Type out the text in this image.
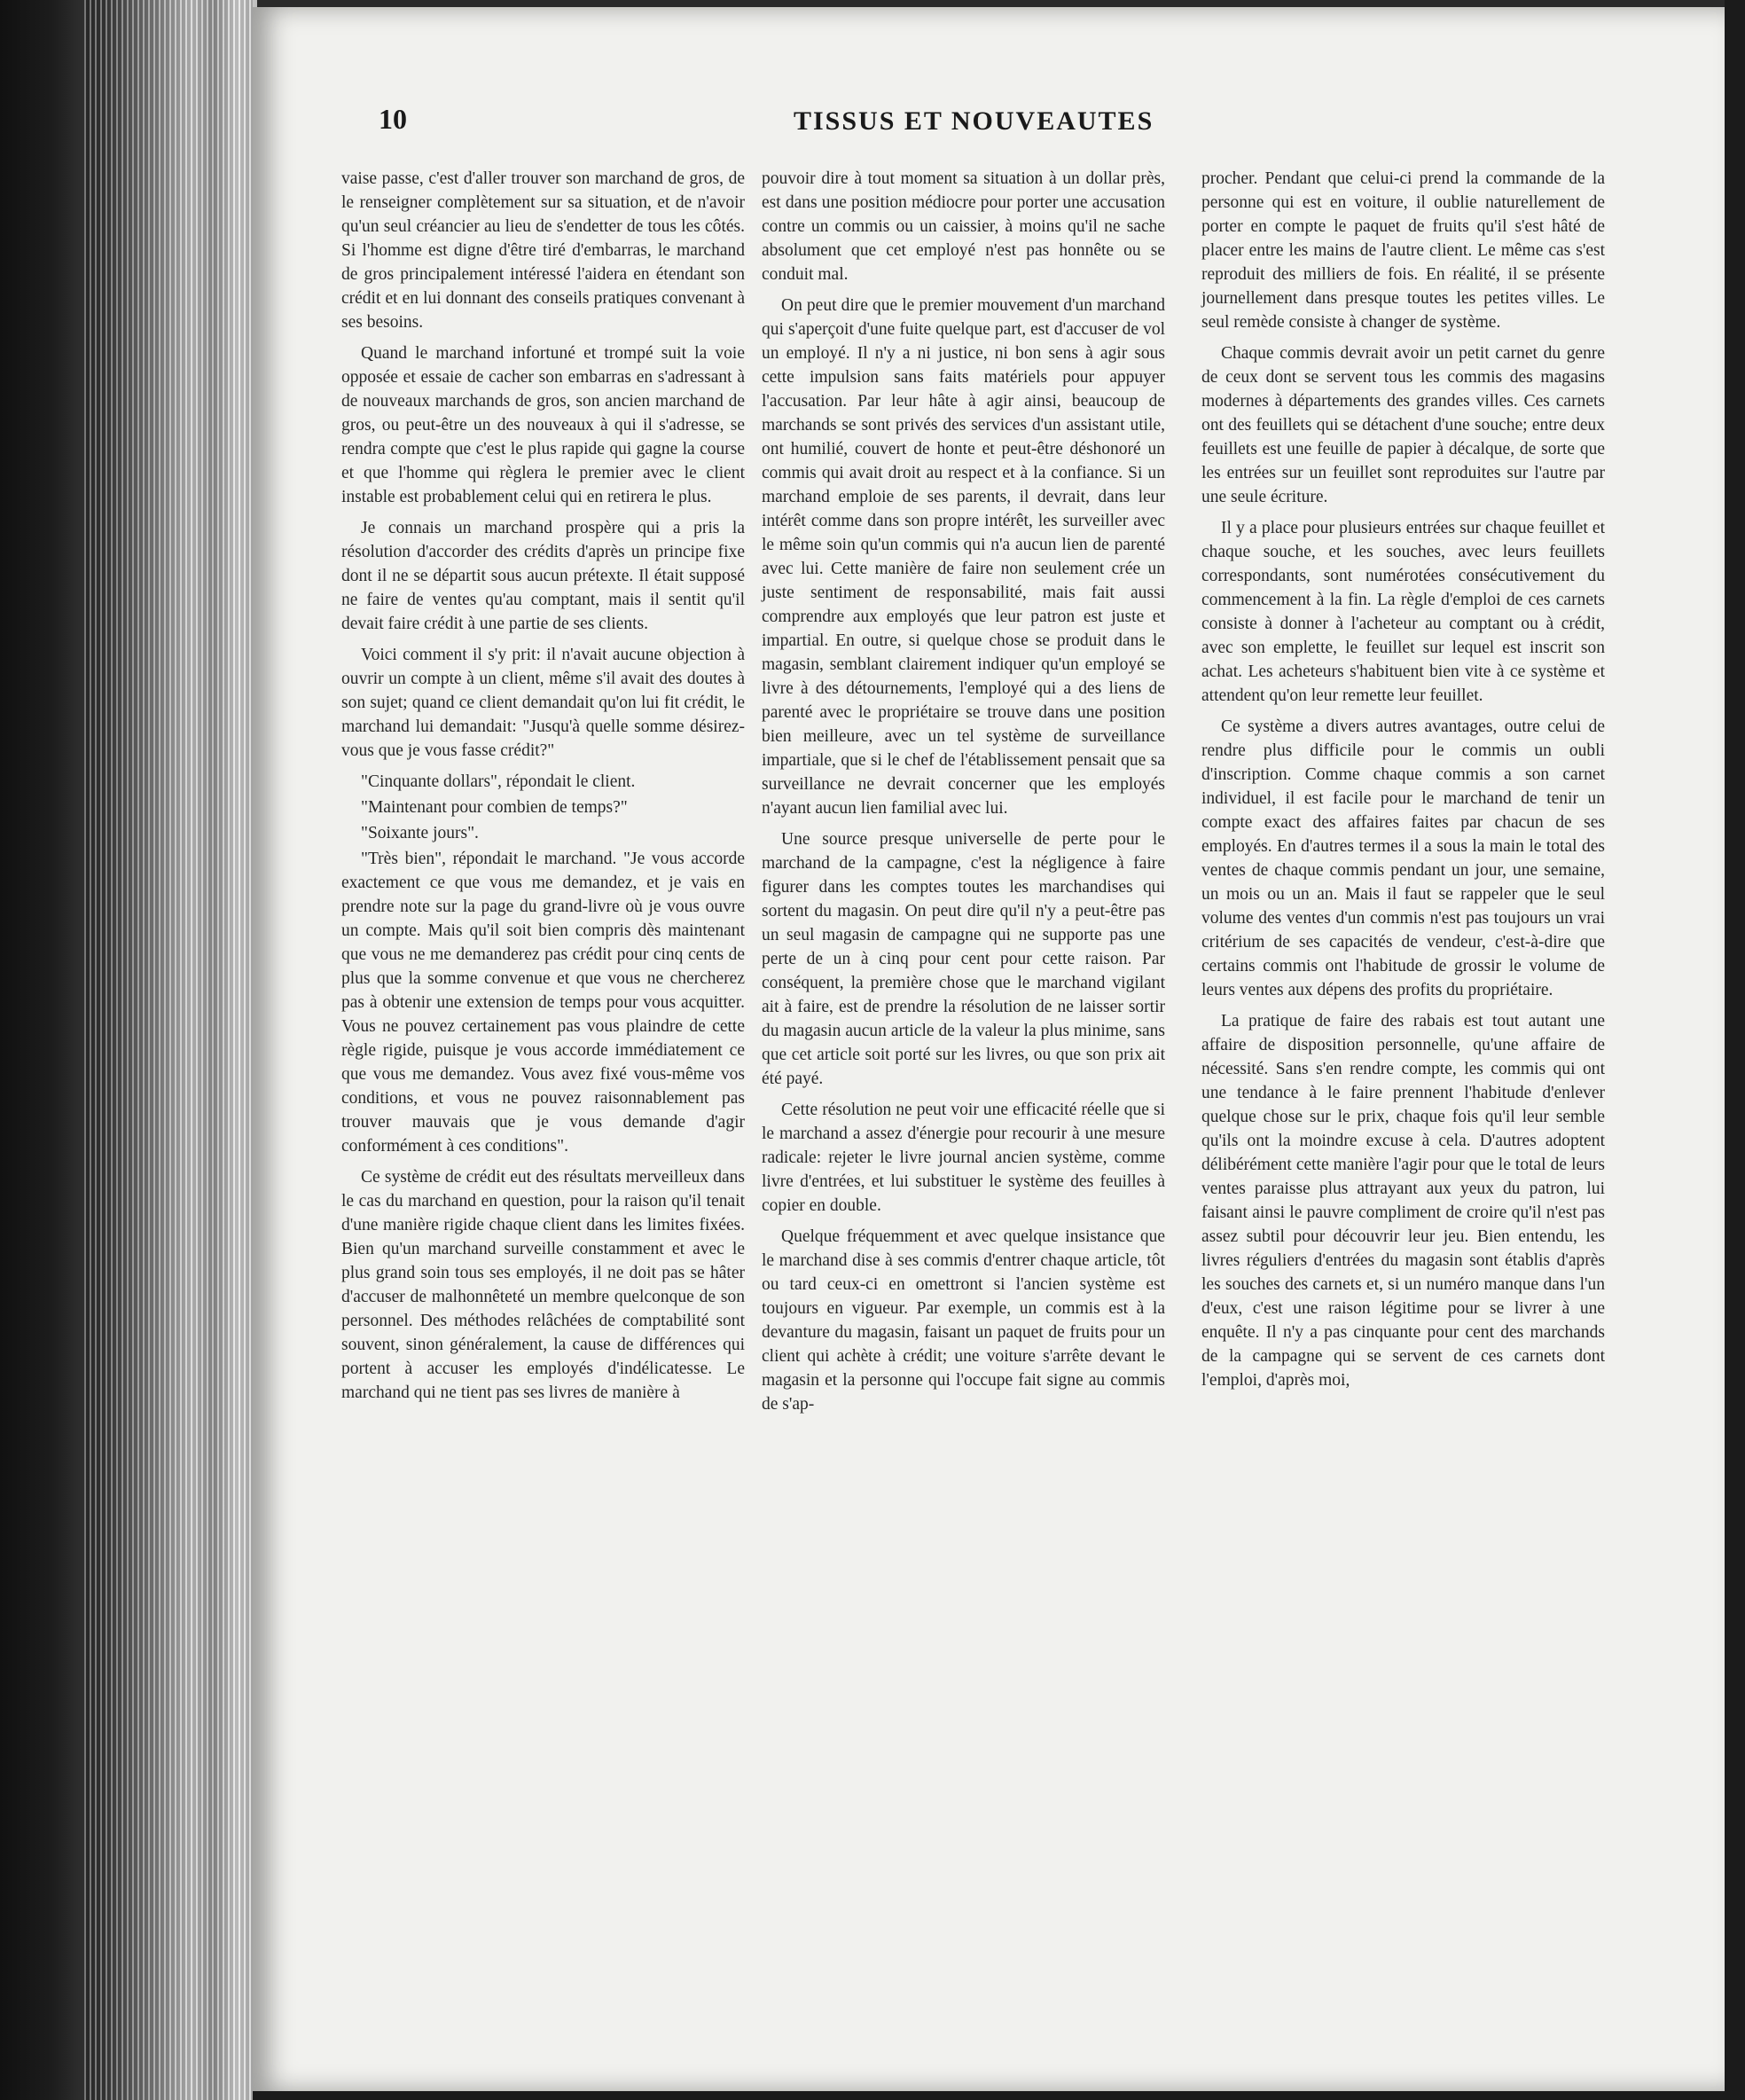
10	TISSUS ET NOUVEAUTES

vaise passe, c'est d'aller trouver son marchand de gros, de le renseigner complètement sur sa situation, et de n'avoir qu'un seul créancier au lieu de s'endetter de tous les côtés. Si l'homme est digne d'être tiré d'embarras, le marchand de gros principalement intéressé l'aidera en étendant son crédit et en lui donnant des conseils pratiques convenant à ses besoins.

Quand le marchand infortuné et trompé suit la voie opposée et essaie de cacher son embarras en s'adressant à de nouveaux marchands de gros, son ancien marchand de gros, ou peut-être un des nouveaux à qui il s'adresse, se rendra compte que c'est le plus rapide qui gagne la course et que l'homme qui règlera le premier avec le client instable est probablement celui qui en retirera le plus.

Je connais un marchand prospère qui a pris la résolution d'accorder des crédits d'après un principe fixe dont il ne se départit sous aucun prétexte. Il était supposé ne faire de ventes qu'au comptant, mais il sentit qu'il devait faire crédit à une partie de ses clients.

Voici comment il s'y prit: il n'avait aucune objection à ouvrir un compte à un client, même s'il avait des doutes à son sujet; quand ce client demandait qu'on lui fit crédit, le marchand lui demandait: "Jusqu'à quelle somme désirez-vous que je vous fasse crédit?"

"Cinquante dollars", répondait le client.

"Maintenant pour combien de temps?"

"Soixante jours".

"Très bien", répondait le marchand. "Je vous accorde exactement ce que vous me demandez, et je vais en prendre note sur la page du grand-livre où je vous ouvre un compte. Mais qu'il soit bien compris dès maintenant que vous ne me demanderez pas crédit pour cinq cents de plus que la somme convenue et que vous ne chercherez pas à obtenir une extension de temps pour vous acquitter. Vous ne pouvez certainement pas vous plaindre de cette règle rigide, puisque je vous accorde immédiatement ce que vous me demandez. Vous avez fixé vous-même vos conditions, et vous ne pouvez raisonnablement pas trouver mauvais que je vous demande d'agir conformément à ces conditions".

Ce système de crédit eut des résultats merveilleux dans le cas du marchand en question, pour la raison qu'il tenait d'une manière rigide chaque client dans les limites fixées. Bien qu'un marchand surveille constamment et avec le plus grand soin tous ses employés, il ne doit pas se hâter d'accuser de malhonnêteté un membre quelconque de son personnel. Des méthodes relâchées de comptabilité sont souvent, sinon généralement, la cause de différences qui portent à accuser les employés d'indélicatesse. Le marchand qui ne tient pas ses livres de manière à

pouvoir dire à tout moment sa situation à un dollar près, est dans une position médiocre pour porter une accusation contre un commis ou un caissier, à moins qu'il ne sache absolument que cet employé n'est pas honnête ou se conduit mal.

On peut dire que le premier mouvement d'un marchand qui s'aperçoit d'une fuite quelque part, est d'accuser de vol un employé. Il n'y a ni justice, ni bon sens à agir sous cette impulsion sans faits matériels pour appuyer l'accusation. Par leur hâte à agir ainsi, beaucoup de marchands se sont privés des services d'un assistant utile, ont humilié, couvert de honte et peut-être déshonoré un commis qui avait droit au respect et à la confiance. Si un marchand emploie de ses parents, il devrait, dans leur intérêt comme dans son propre intérêt, les surveiller avec le même soin qu'un commis qui n'a aucun lien de parenté avec lui. Cette manière de faire non seulement crée un juste sentiment de responsabilité, mais fait aussi comprendre aux employés que leur patron est juste et impartial. En outre, si quelque chose se produit dans le magasin, semblant clairement indiquer qu'un employé se livre à des détournements, l'employé qui a des liens de parenté avec le propriétaire se trouve dans une position bien meilleure, avec un tel système de surveillance impartiale, que si le chef de l'établissement pensait que sa surveillance ne devrait concerner que les employés n'ayant aucun lien familial avec lui.

Une source presque universelle de perte pour le marchand de la campagne, c'est la négligence à faire figurer dans les comptes toutes les marchandises qui sortent du magasin. On peut dire qu'il n'y a peut-être pas un seul magasin de campagne qui ne supporte pas une perte de un à cinq pour cent pour cette raison. Par conséquent, la première chose que le marchand vigilant ait à faire, est de prendre la résolution de ne laisser sortir du magasin aucun article de la valeur la plus minime, sans que cet article soit porté sur les livres, ou que son prix ait été payé.

Cette résolution ne peut voir une efficacité réelle que si le marchand a assez d'énergie pour recourir à une mesure radicale: rejeter le livre journal ancien système, comme livre d'entrées, et lui substituer le système des feuilles à copier en double.

Quelque fréquemment et avec quelque insistance que le marchand dise à ses commis d'entrer chaque article, tôt ou tard ceux-ci en omettront si l'ancien système est toujours en vigueur. Par exemple, un commis est à la devanture du magasin, faisant un paquet de fruits pour un client qui achète à crédit; une voiture s'arrête devant le magasin et la personne qui l'occupe fait signe au commis de s'ap-

procher. Pendant que celui-ci prend la commande de la personne qui est en voiture, il oublie naturellement de porter en compte le paquet de fruits qu'il s'est hâté de placer entre les mains de l'autre client. Le même cas s'est reproduit des milliers de fois. En réalité, il se présente journellement dans presque toutes les petites villes. Le seul remède consiste à changer de système.

Chaque commis devrait avoir un petit carnet du genre de ceux dont se servent tous les commis des magasins modernes à départements des grandes villes. Ces carnets ont des feuillets qui se détachent d'une souche; entre deux feuillets est une feuille de papier à décalque, de sorte que les entrées sur un feuillet sont reproduites sur l'autre par une seule écriture.

Il y a place pour plusieurs entrées sur chaque feuillet et chaque souche, et les souches, avec leurs feuillets correspondants, sont numérotées consécutivement du commencement à la fin. La règle d'emploi de ces carnets consiste à donner à l'acheteur au comptant ou à crédit, avec son emplette, le feuillet sur lequel est inscrit son achat. Les acheteurs s'habituent bien vite à ce système et attendent qu'on leur remette leur feuillet.

Ce système a divers autres avantages, outre celui de rendre plus difficile pour le commis un oubli d'inscription. Comme chaque commis a son carnet individuel, il est facile pour le marchand de tenir un compte exact des affaires faites par chacun de ses employés. En d'autres termes il a sous la main le total des ventes de chaque commis pendant un jour, une semaine, un mois ou un an. Mais il faut se rappeler que le seul volume des ventes d'un commis n'est pas toujours un vrai critérium de ses capacités de vendeur, c'est-à-dire que certains commis ont l'habitude de grossir le volume de leurs ventes aux dépens des profits du propriétaire.

La pratique de faire des rabais est tout autant une affaire de disposition personnelle, qu'une affaire de nécessité. Sans s'en rendre compte, les commis qui ont une tendance à le faire prennent l'habitude d'enlever quelque chose sur le prix, chaque fois qu'il leur semble qu'ils ont la moindre excuse à cela. D'autres adoptent délibérément cette manière l'agir pour que le total de leurs ventes paraisse plus attrayant aux yeux du patron, lui faisant ainsi le pauvre compliment de croire qu'il n'est pas assez subtil pour découvrir leur jeu. Bien entendu, les livres réguliers d'entrées du magasin sont établis d'après les souches des carnets et, si un numéro manque dans l'un d'eux, c'est une raison légitime pour se livrer à une enquête. Il n'y a pas cinquante pour cent des marchands de la campagne qui se servent de ces carnets dont l'emploi, d'après moi,
